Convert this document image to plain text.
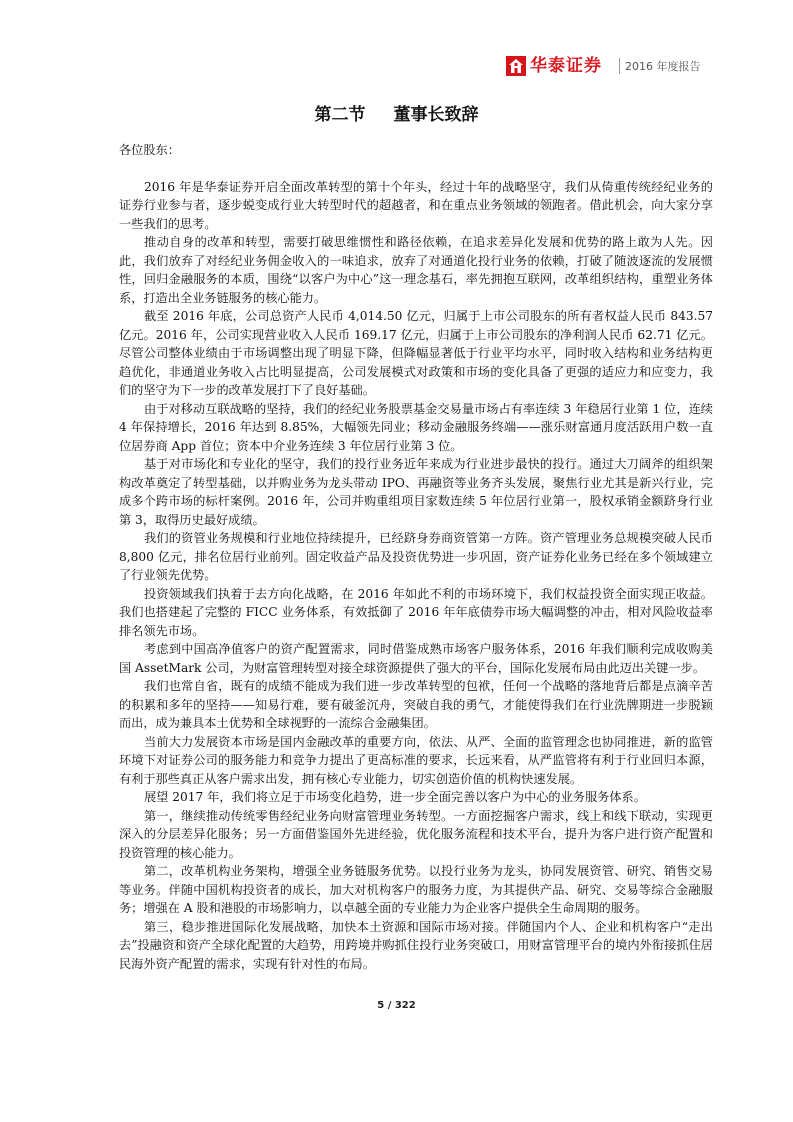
华泰证券 2016 年度报告
第二节 董事长致辞

各位股东：

2016 年是华泰证券开启全面改革转型的第十个年头，经过十年的战略坚守，我们从倚重传统经纪业务的证券行业参与者，逐步蜕变成行业大转型时代的超越者，和在重点业务领域的领跑者。借此机会，向大家分享一些我们的思考。

推动自身的改革和转型，需要打破思维惯性和路径依赖，在追求差异化发展和优势的路上敢为人先。因此，我们放弃了对经纪业务佣金收入的一味追求，放弃了对通道化投行业务的依赖，打破了随波逐流的发展惯性，回归金融服务的本质，围绕“以客户为中心”这一理念基石，率先拥抱互联网，改革组织结构，重塑业务体系，打造出全业务链服务的核心能力。

截至 2016 年底，公司总资产人民币 4,014.50 亿元，归属于上市公司股东的所有者权益人民币 843.57 亿元。2016 年，公司实现营业收入人民币 169.17 亿元，归属于上市公司股东的净利润人民币 62.71 亿元。尽管公司整体业绩由于市场调整出现了明显下降，但降幅显著低于行业平均水平，同时收入结构和业务结构更趋优化，非通道业务收入占比明显提高，公司发展模式对政策和市场的变化具备了更强的适应力和应变力，我们的坚守为下一步的改革发展打下了良好基础。

由于对移动互联战略的坚持，我们的经纪业务股票基金交易量市场占有率连续 3 年稳居行业第 1 位，连续 4 年保持增长，2016 年达到 8.85%，大幅领先同业；移动金融服务终端——涨乐财富通月度活跃用户数一直位居券商 App 首位；资本中介业务连续 3 年位居行业第 3 位。

基于对市场化和专业化的坚守，我们的投行业务近年来成为行业进步最快的投行。通过大刀阔斧的组织架构改革奠定了转型基础，以并购业务为龙头带动 IPO、再融资等业务齐头发展，聚焦行业尤其是新兴行业，完成多个跨市场的标杆案例。2016 年，公司并购重组项目家数连续 5 年位居行业第一，股权承销金额跻身行业第 3，取得历史最好成绩。

我们的资管业务规模和行业地位持续提升，已经跻身券商资管第一方阵。资产管理业务总规模突破人民币 8,800 亿元，排名位居行业前列。固定收益产品及投资优势进一步巩固，资产证券化业务已经在多个领域建立了行业领先优势。

投资领域我们执着于去方向化战略，在 2016 年如此不利的市场环境下，我们权益投资全面实现正收益。我们也搭建起了完整的 FICC 业务体系，有效抵御了 2016 年年底债券市场大幅调整的冲击，相对风险收益率排名领先市场。

考虑到中国高净值客户的资产配置需求，同时借鉴成熟市场客户服务体系，2016 年我们顺利完成收购美国 AssetMark 公司，为财富管理转型对接全球资源提供了强大的平台，国际化发展布局由此迈出关键一步。

我们也常自省，既有的成绩不能成为我们进一步改革转型的包袱，任何一个战略的落地背后都是点滴辛苦的积累和多年的坚持——知易行难，要有破釜沉舟，突破自我的勇气，才能使得我们在行业洗牌期进一步脱颖而出，成为兼具本土优势和全球视野的一流综合金融集团。

当前大力发展资本市场是国内金融改革的重要方向，依法、从严、全面的监管理念也协同推进，新的监管环境下对证券公司的服务能力和竞争力提出了更高标准的要求，长远来看，从严监管将有利于行业回归本源，有利于那些真正从客户需求出发，拥有核心专业能力，切实创造价值的机构快速发展。

展望 2017 年，我们将立足于市场变化趋势，进一步全面完善以客户为中心的业务服务体系。

第一，继续推动传统零售经纪业务向财富管理业务转型。一方面挖掘客户需求，线上和线下联动，实现更深入的分层差异化服务；另一方面借鉴国外先进经验，优化服务流程和技术平台，提升为客户进行资产配置和投资管理的核心能力。

第二，改革机构业务架构，增强全业务链服务优势。以投行业务为龙头，协同发展资管、研究、销售交易等业务。伴随中国机构投资者的成长，加大对机构客户的服务力度，为其提供产品、研究、交易等综合金融服务；增强在 A 股和港股的市场影响力，以卓越全面的专业能力为企业客户提供全生命周期的服务。

第三，稳步推进国际化发展战略，加快本土资源和国际市场对接。伴随国内个人、企业和机构客户“走出去”投融资和资产全球化配置的大趋势，用跨境并购抓住投行业务突破口，用财富管理平台的境内外衔接抓住居民海外资产配置的需求，实现有针对性的布局。

5 / 322
